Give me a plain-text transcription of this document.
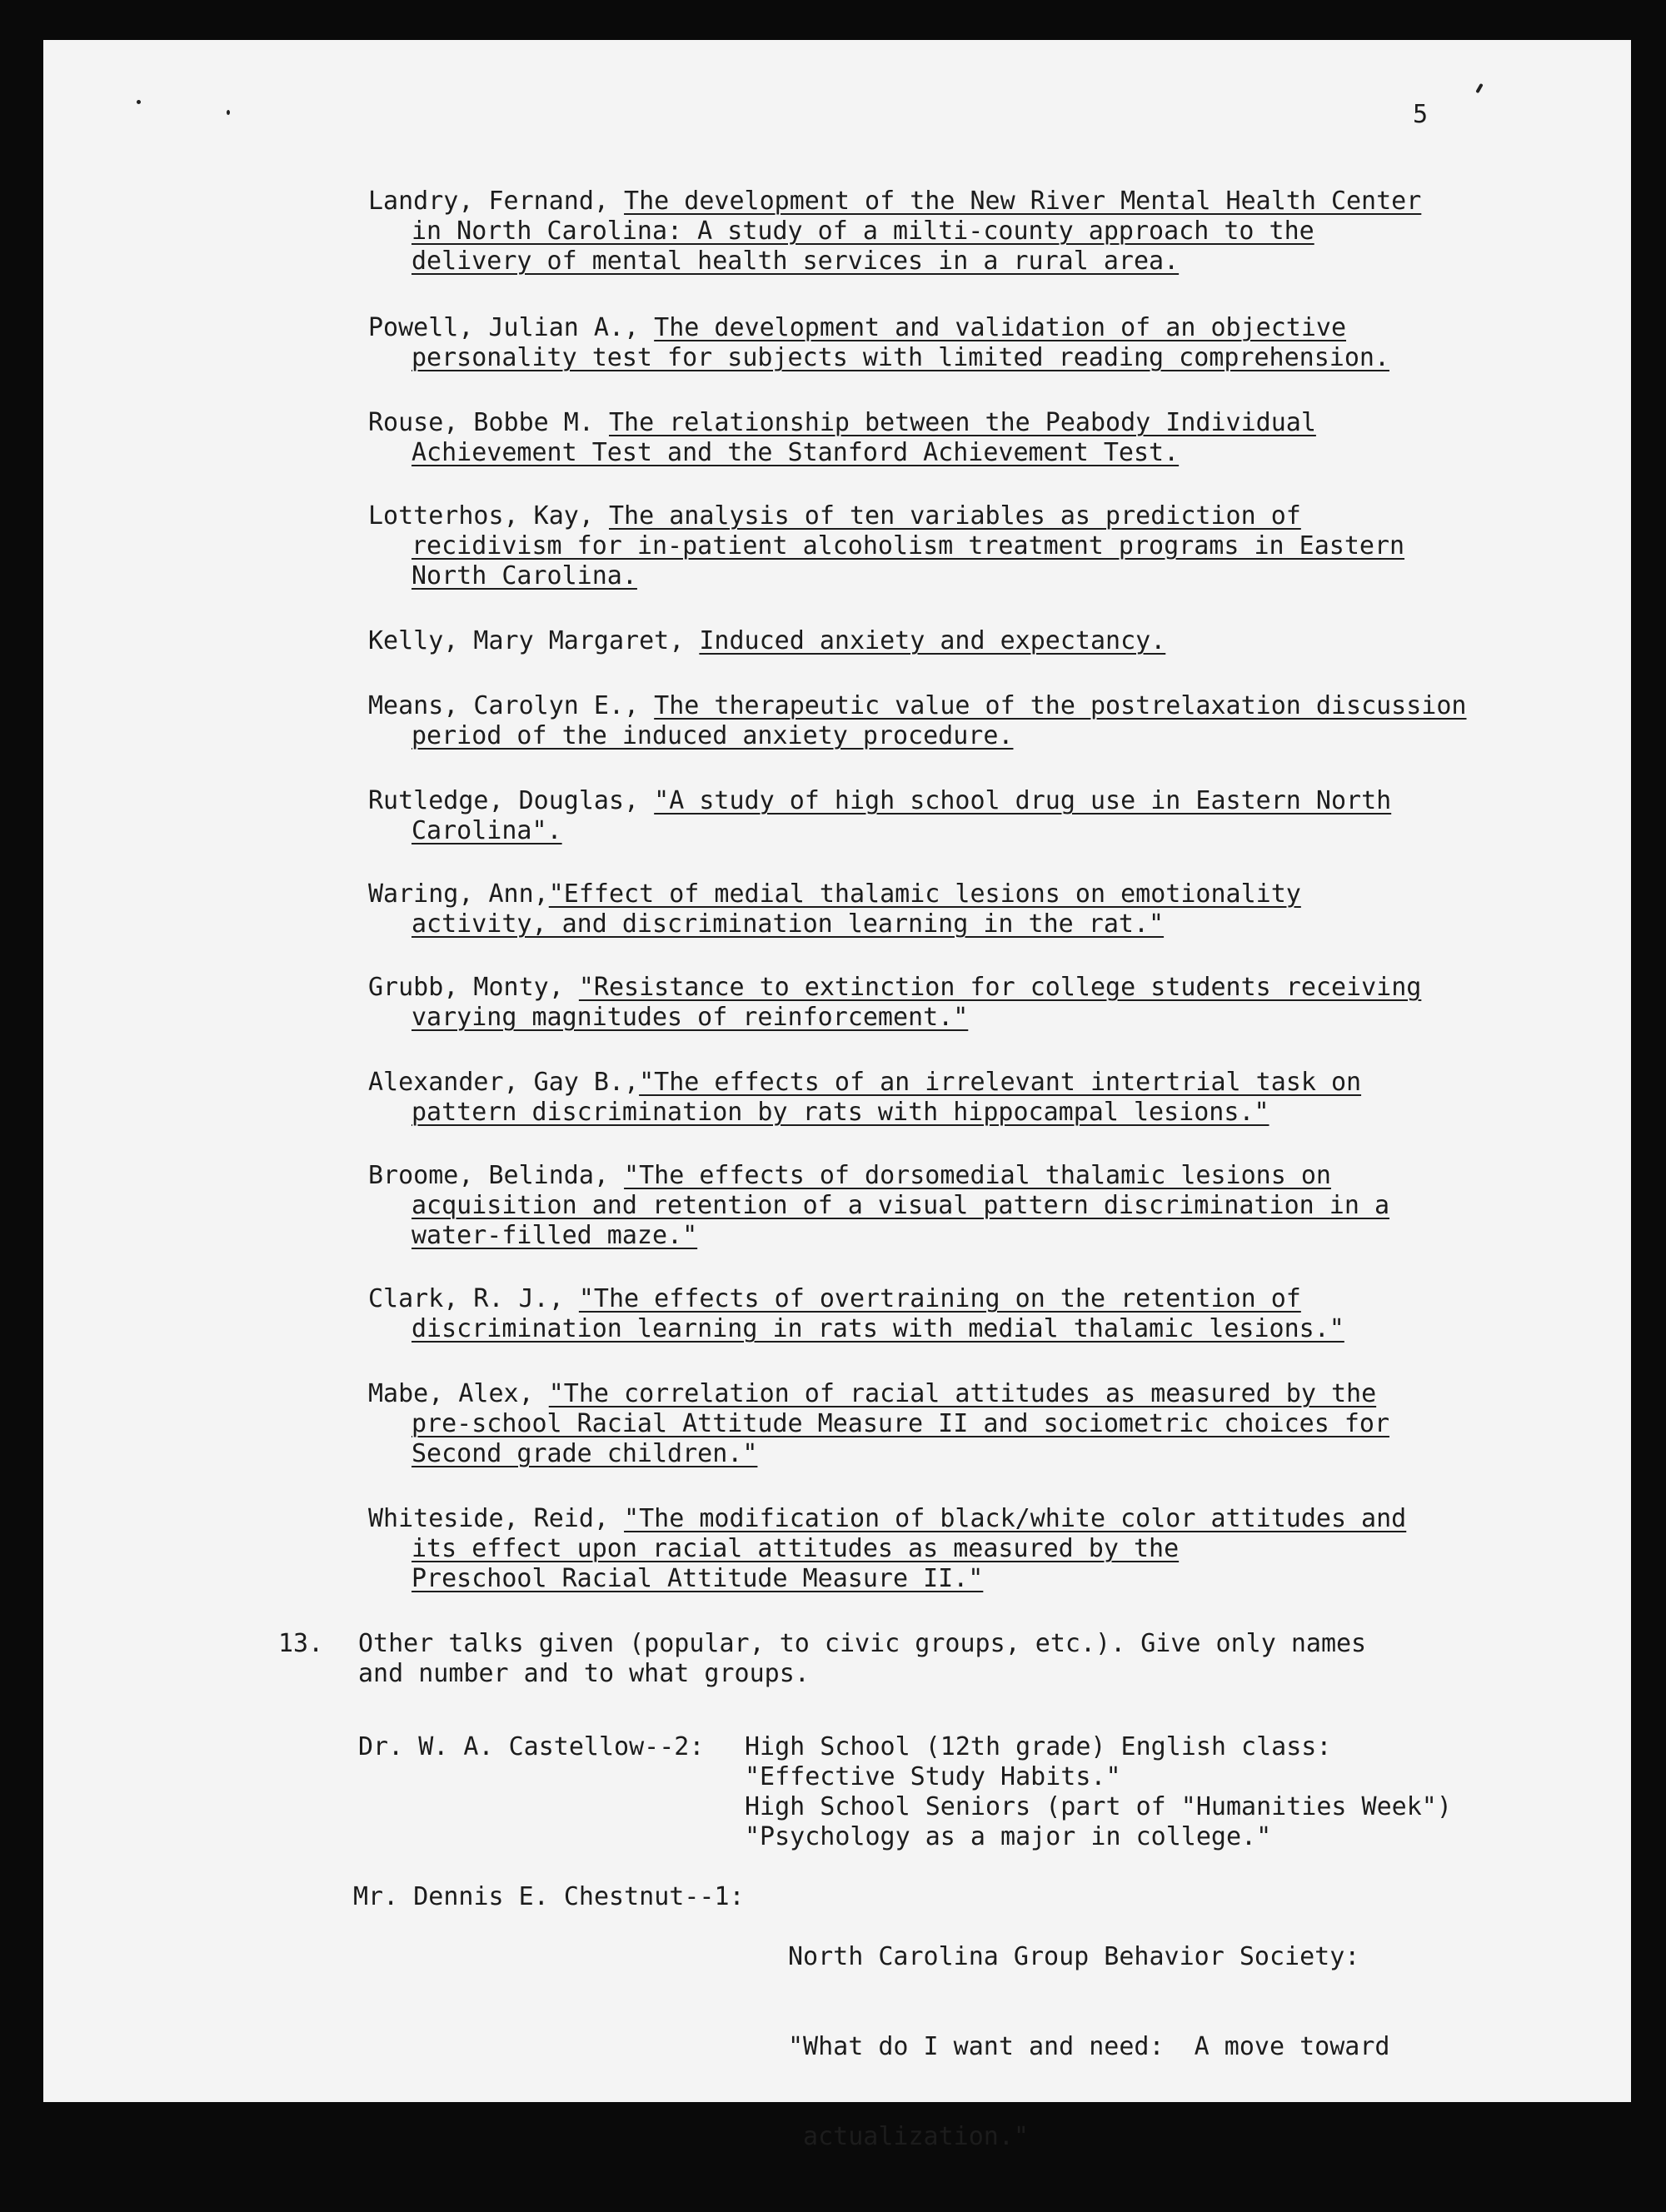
5
Landry, Fernand, The development of the New River Mental Health Center
in North Carolina: A study of a milti-county approach to the
delivery of mental health services in a rural area.
Powell, Julian A., The development and validation of an objective
personality test for subjects with limited reading comprehension.
Rouse, Bobbe M. The relationship between the Peabody Individual
Achievement Test and the Stanford Achievement Test.
Lotterhos, Kay, The analysis of ten variables as prediction of
recidivism for in-patient alcoholism treatment programs in Eastern
North Carolina.
Kelly, Mary Margaret, Induced anxiety and expectancy.
Means, Carolyn E., The therapeutic value of the postrelaxation discussion
period of the induced anxiety procedure.
Rutledge, Douglas, "A study of high school drug use in Eastern North
Carolina".
Waring, Ann,"Effect of medial thalamic lesions on emotionality
activity, and discrimination learning in the rat."
Grubb, Monty, "Resistance to extinction for college students receiving
varying magnitudes of reinforcement."
Alexander, Gay B.,"The effects of an irrelevant intertrial task on
pattern discrimination by rats with hippocampal lesions."
Broome, Belinda, "The effects of dorsomedial thalamic lesions on
acquisition and retention of a visual pattern discrimination in a
water-filled maze."
Clark, R. J., "The effects of overtraining on the retention of
discrimination learning in rats with medial thalamic lesions."
Mabe, Alex, "The correlation of racial attitudes as measured by the
pre-school Racial Attitude Measure II and sociometric choices for
Second grade children."
Whiteside, Reid, "The modification of black/white color attitudes and
its effect upon racial attitudes as measured by the
Preschool Racial Attitude Measure II."
13. Other talks given (popular, to civic groups, etc.). Give only names
and number and to what groups.
Dr. W. A. Castellow--2: High School (12th grade) English class:
"Effective Study Habits."
High School Seniors (part of "Humanities Week")
"Psychology as a major in college."
Mr. Dennis E. Chestnut--1:

North Carolina Group Behavior Society:

"What do I want and need:  A move toward

actualization."
